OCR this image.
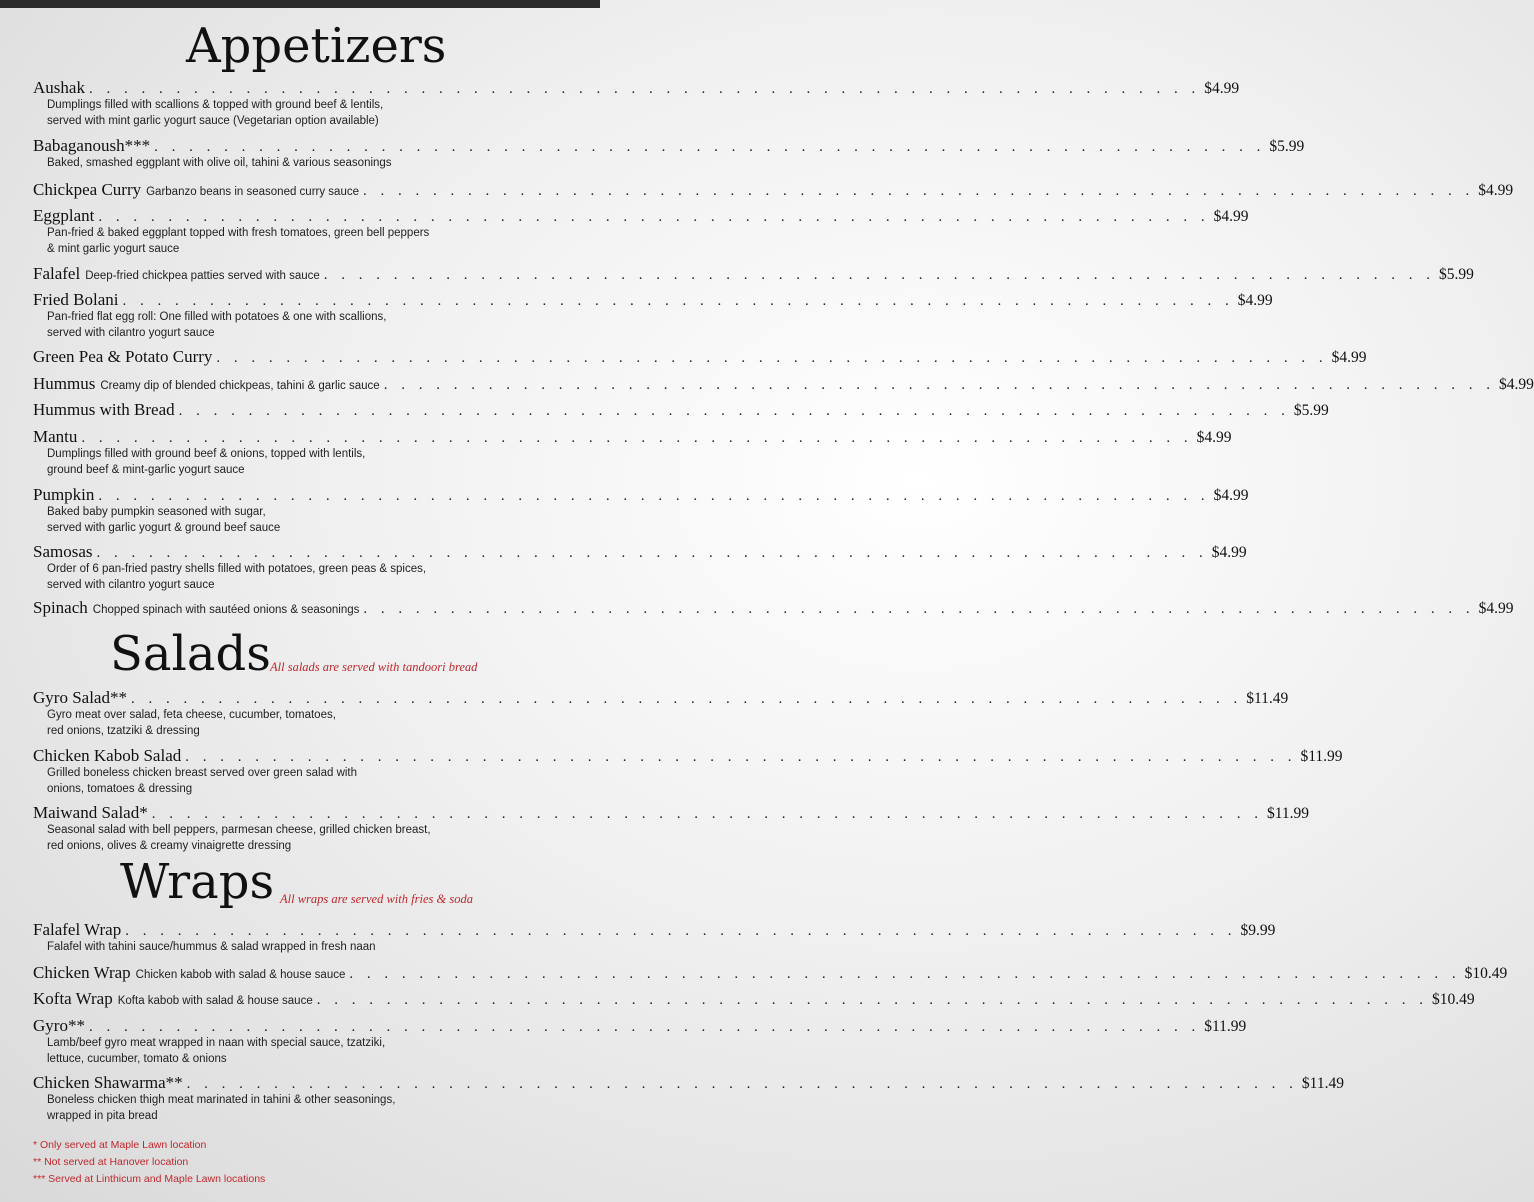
Appetizers
Salads All salads are served with tandoori bread
Wraps All wraps are served with fries & soda
Aushak . . . . . . . . . . . . . . . . . . . . . . . . . . . . . . . . . . . . . . . . . . . . . . . . . . . . . . . . . . . . . . . . $4.99
Dumplings filled with scallions & topped with ground beef & lentils,
served with mint garlic yogurt sauce (Vegetarian option available)
Babaganoush*** . . . . . . . . . . . . . . . . . . . . . . . . . . . . . . . . . . . . . . . . . . . . . . . . . . . . . . . . . . . . . . . . $5.99
Baked, smashed eggplant with olive oil, tahini & various seasonings
Chickpea Curry Garbanzo beans in seasoned curry sauce . . . . . . . . . . . . . . . . . . . . . . . . . . . . . . . . . . . . . . . . . . . . . . . . . . . . . . . . . . . . . . . . $4.99
Eggplant . . . . . . . . . . . . . . . . . . . . . . . . . . . . . . . . . . . . . . . . . . . . . . . . . . . . . . . . . . . . . . . . $4.99
Pan-fried & baked eggplant topped with fresh tomatoes, green bell peppers
& mint garlic yogurt sauce
Falafel Deep-fried chickpea patties served with sauce . . . . . . . . . . . . . . . . . . . . . . . . . . . . . . . . . . . . . . . . . . . . . . . . . . . . . . . . . . . . . . . . $5.99
Fried Bolani . . . . . . . . . . . . . . . . . . . . . . . . . . . . . . . . . . . . . . . . . . . . . . . . . . . . . . . . . . . . . . . . $4.99
Pan-fried flat egg roll: One filled with potatoes & one with scallions,
served with cilantro yogurt sauce
Green Pea & Potato Curry . . . . . . . . . . . . . . . . . . . . . . . . . . . . . . . . . . . . . . . . . . . . . . . . . . . . . . . . . . . . . . . . $4.99
Hummus Creamy dip of blended chickpeas, tahini & garlic sauce . . . . . . . . . . . . . . . . . . . . . . . . . . . . . . . . . . . . . . . . . . . . . . . . . . . . . . . . . . . . . . . . $4.99
Hummus with Bread . . . . . . . . . . . . . . . . . . . . . . . . . . . . . . . . . . . . . . . . . . . . . . . . . . . . . . . . . . . . . . . . $5.99
Mantu . . . . . . . . . . . . . . . . . . . . . . . . . . . . . . . . . . . . . . . . . . . . . . . . . . . . . . . . . . . . . . . . $4.99
Dumplings filled with ground beef & onions, topped with lentils,
ground beef & mint-garlic yogurt sauce
Pumpkin . . . . . . . . . . . . . . . . . . . . . . . . . . . . . . . . . . . . . . . . . . . . . . . . . . . . . . . . . . . . . . . . $4.99
Baked baby pumpkin seasoned with sugar,
served with garlic yogurt & ground beef sauce
Samosas . . . . . . . . . . . . . . . . . . . . . . . . . . . . . . . . . . . . . . . . . . . . . . . . . . . . . . . . . . . . . . . . $4.99
Order of 6 pan-fried pastry shells filled with potatoes, green peas & spices,
served with cilantro yogurt sauce
Spinach Chopped spinach with sautéed onions & seasonings . . . . . . . . . . . . . . . . . . . . . . . . . . . . . . . . . . . . . . . . . . . . . . . . . . . . . . . . . . . . . . . . $4.99
Gyro Salad** . . . . . . . . . . . . . . . . . . . . . . . . . . . . . . . . . . . . . . . . . . . . . . . . . . . . . . . . . . . . . . . . $11.49
Gyro meat over salad, feta cheese, cucumber, tomatoes,
red onions, tzatziki & dressing
Chicken Kabob Salad . . . . . . . . . . . . . . . . . . . . . . . . . . . . . . . . . . . . . . . . . . . . . . . . . . . . . . . . . . . . . . . . $11.99
Grilled boneless chicken breast served over green salad with
onions, tomatoes & dressing
Maiwand Salad* . . . . . . . . . . . . . . . . . . . . . . . . . . . . . . . . . . . . . . . . . . . . . . . . . . . . . . . . . . . . . . . . $11.99
Seasonal salad with bell peppers, parmesan cheese, grilled chicken breast,
red onions, olives & creamy vinaigrette dressing
Falafel Wrap . . . . . . . . . . . . . . . . . . . . . . . . . . . . . . . . . . . . . . . . . . . . . . . . . . . . . . . . . . . . . . . . $9.99
Falafel with tahini sauce/hummus & salad wrapped in fresh naan
Chicken Wrap Chicken kabob with salad & house sauce . . . . . . . . . . . . . . . . . . . . . . . . . . . . . . . . . . . . . . . . . . . . . . . . . . . . . . . . . . . . . . . . $10.49
Kofta Wrap Kofta kabob with salad & house sauce . . . . . . . . . . . . . . . . . . . . . . . . . . . . . . . . . . . . . . . . . . . . . . . . . . . . . . . . . . . . . . . . $10.49
Gyro** . . . . . . . . . . . . . . . . . . . . . . . . . . . . . . . . . . . . . . . . . . . . . . . . . . . . . . . . . . . . . . . . $11.99
Lamb/beef gyro meat wrapped in naan with special sauce, tzatziki,
lettuce, cucumber, tomato & onions
Chicken Shawarma** . . . . . . . . . . . . . . . . . . . . . . . . . . . . . . . . . . . . . . . . . . . . . . . . . . . . . . . . . . . . . . . . $11.49
Boneless chicken thigh meat marinated in tahini & other seasonings,
wrapped in pita bread
* Only served at Maple Lawn location
** Not served at Hanover location
*** Served at Linthicum and Maple Lawn locations
